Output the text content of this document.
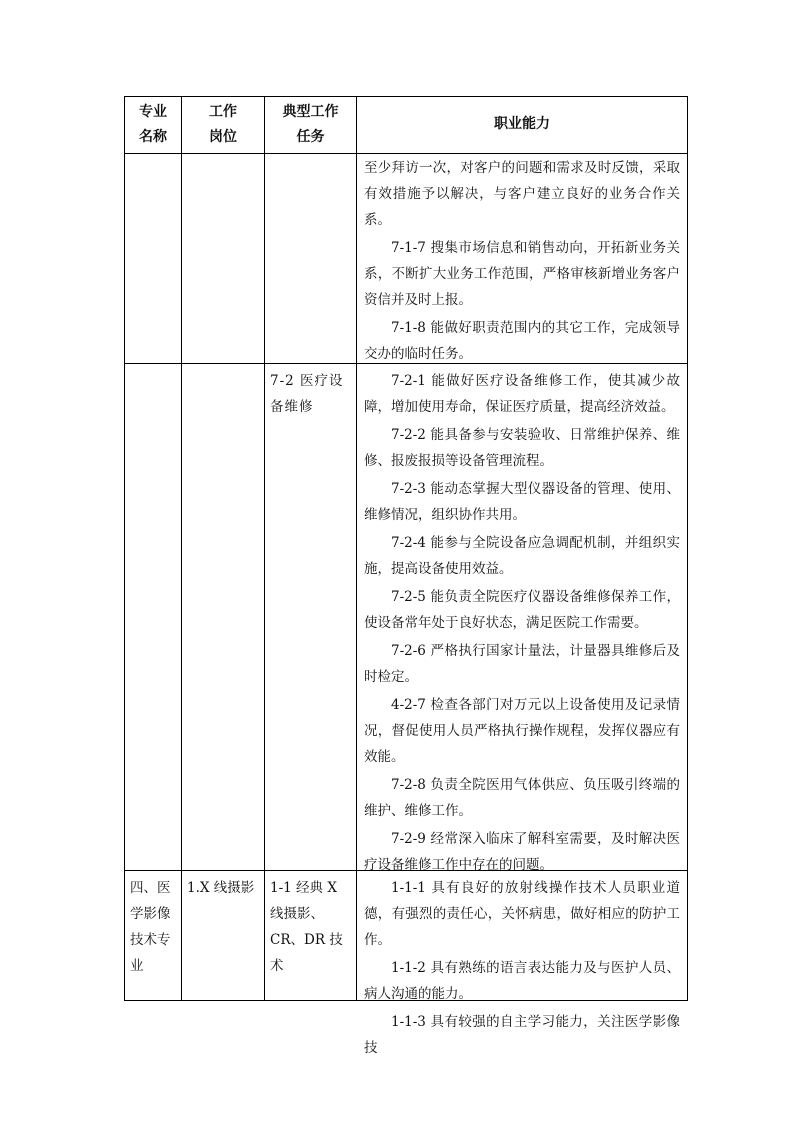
专业
名称
工作
岗位
典型工作
任务
职业能力
至少拜访一次，对客户的问题和需求及时反馈，采取有效措施予以解决，与客户建立良好的业务合作关系。
7-1-7 搜集市场信息和销售动向，开拓新业务关系，不断扩大业务工作范围，严格审核新增业务客户资信并及时上报。
7-1-8 能做好职责范围内的其它工作，完成领导交办的临时任务。
7-2 医疗设备维修
7-2-1 能做好医疗设备维修工作，使其减少故障，增加使用寿命，保证医疗质量，提高经济效益。
7-2-2 能具备参与安装验收、日常维护保养、维修、报废报损等设备管理流程。
7-2-3 能动态掌握大型仪器设备的管理、使用、维修情况，组织协作共用。
7-2-4 能参与全院设备应急调配机制，并组织实施，提高设备使用效益。
7-2-5 能负责全院医疗仪器设备维修保养工作，使设备常年处于良好状态，满足医院工作需要。
7-2-6 严格执行国家计量法，计量器具维修后及时检定。
4-2-7 检查各部门对万元以上设备使用及记录情况，督促使用人员严格执行操作规程，发挥仪器应有效能。
7-2-8 负责全院医用气体供应、负压吸引终端的维护、维修工作。
7-2-9 经常深入临床了解科室需要，及时解决医疗设备维修工作中存在的问题。
四、医学影像技术专业
1.X 线摄影	1-1 经典 X 线摄影、CR、DR 技术
1-1-1 具有良好的放射线操作技术人员职业道德，有强烈的责任心，关怀病患，做好相应的防护工作。
1-1-2 具有熟练的语言表达能力及与医护人员、病人沟通的能力。
1-1-3 具有较强的自主学习能力，关注医学影像技
